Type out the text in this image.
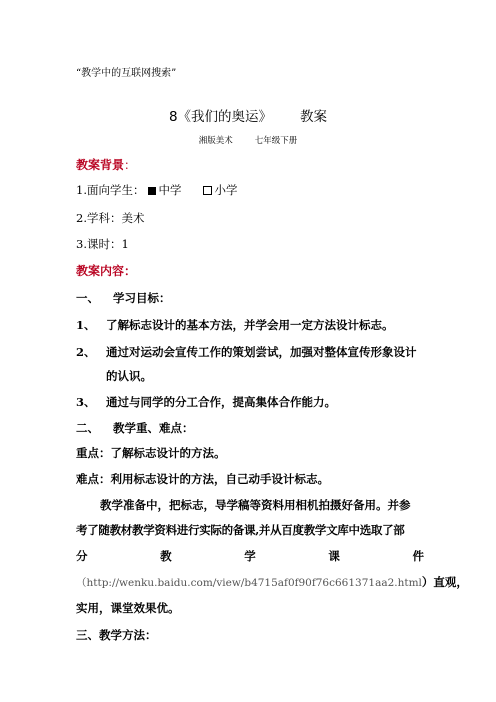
“教学中的互联网搜索”
8《我们的奥运》 教案
湘版美术	七年级下册
教案背景：
1.面向学生： 中学	小学
2.学科：美术
3.课时：1
教案内容：
一、 学习目标：
1、 了解标志设计的基本方法，并学会用一定方法设计标志。
2、 通过对运动会宣传工作的策划尝试，加强对整体宣传形象设计
的认识。
3、 通过与同学的分工合作，提高集体合作能力。
二、 教学重、难点：
重点：了解标志设计的方法。
难点：利用标志设计的方法，自己动手设计标志。
教学准备中，把标志，导学稿等资料用相机拍摄好备用。并参
考了随教材教学资料进行实际的备课,并从百度教学文库中选取了部
分	教	学	课	件
（http://wenku.baidu.com/view/b4715af0f90f76c661371aa2.html）直观，
实用，课堂效果优。
三、教学方法：
